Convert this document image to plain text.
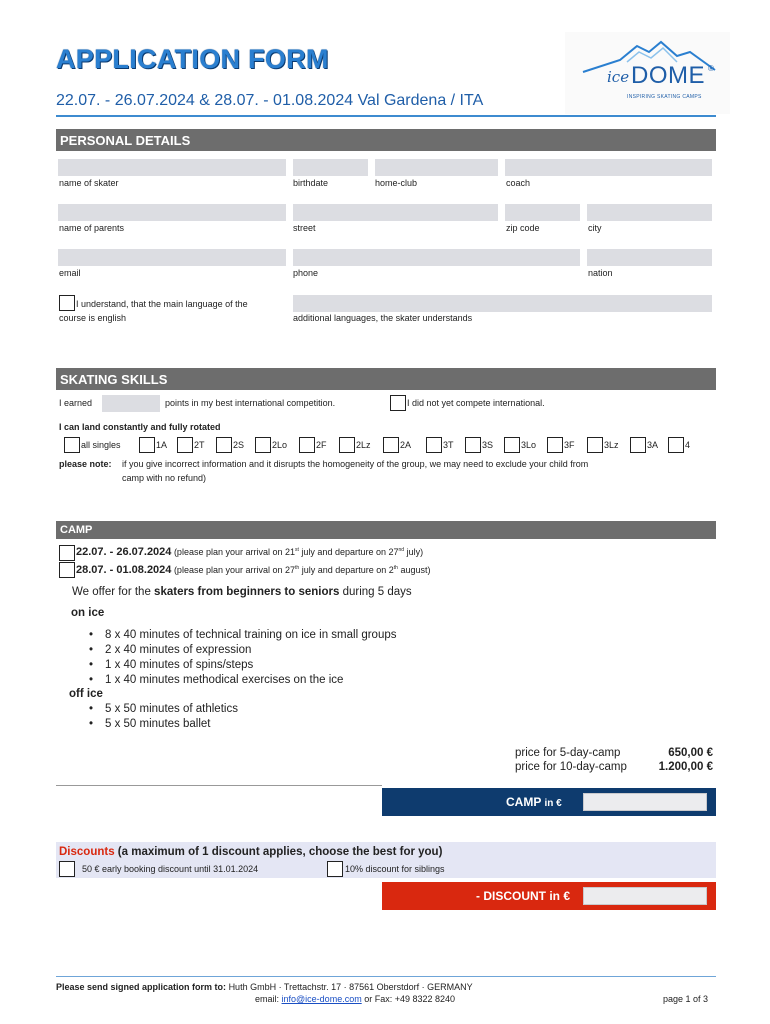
APPLICATION FORM
22.07. - 26.07.2024 & 28.07. - 01.08.2024 Val Gardena / ITA
ice DOME ®
INSPIRING SKATING CAMPS
PERSONAL DETAILS
name of skater	birthdate	home-club	coach
name of parents	street	zip code	city
email	phone	nation
I understand, that the main language of the
course is english	additional languages, the skater understands
SKATING SKILLS
I earned	points in my best international competition.	I did not yet compete international.
I can land constantly and fully rotated
all singles	1A	2T	2S	2Lo	2F	2Lz	2A	3T	3S	3Lo	3F	3Lz	3A	4
please note: if you give incorrect information and it disrupts the homogeneity of the group, we may need to exclude your child from
camp with no refund)
CAMP
22.07. - 26.07.2024 (please plan your arrival on 21st july and departure on 27nd july)
28.07. - 01.08.2024 (please plan your arrival on 27th july and departure on 2th august)
We offer for the skaters from beginners to seniors during 5 days
on ice
• 8 x 40 minutes of technical training on ice in small groups
• 2 x 40 minutes of expression
• 1 x 40 minutes of spins/steps
• 1 x 40 minutes methodical exercises on the ice
off ice
• 5 x 50 minutes of athletics
• 5 x 50 minutes ballet
price for 5-day-camp	650,00 €
price for 10-day-camp	1.200,00 €
CAMP in €
Discounts (a maximum of 1 discount applies, choose the best for you)
50 € early booking discount until 31.01.2024	10% discount for siblings
- DISCOUNT in €
Please send signed application form to: Huth GmbH · Trettachstr. 17 · 87561 Oberstdorf · GERMANY
email: info@ice-dome.com or Fax: +49 8322 8240	page 1 of 3
